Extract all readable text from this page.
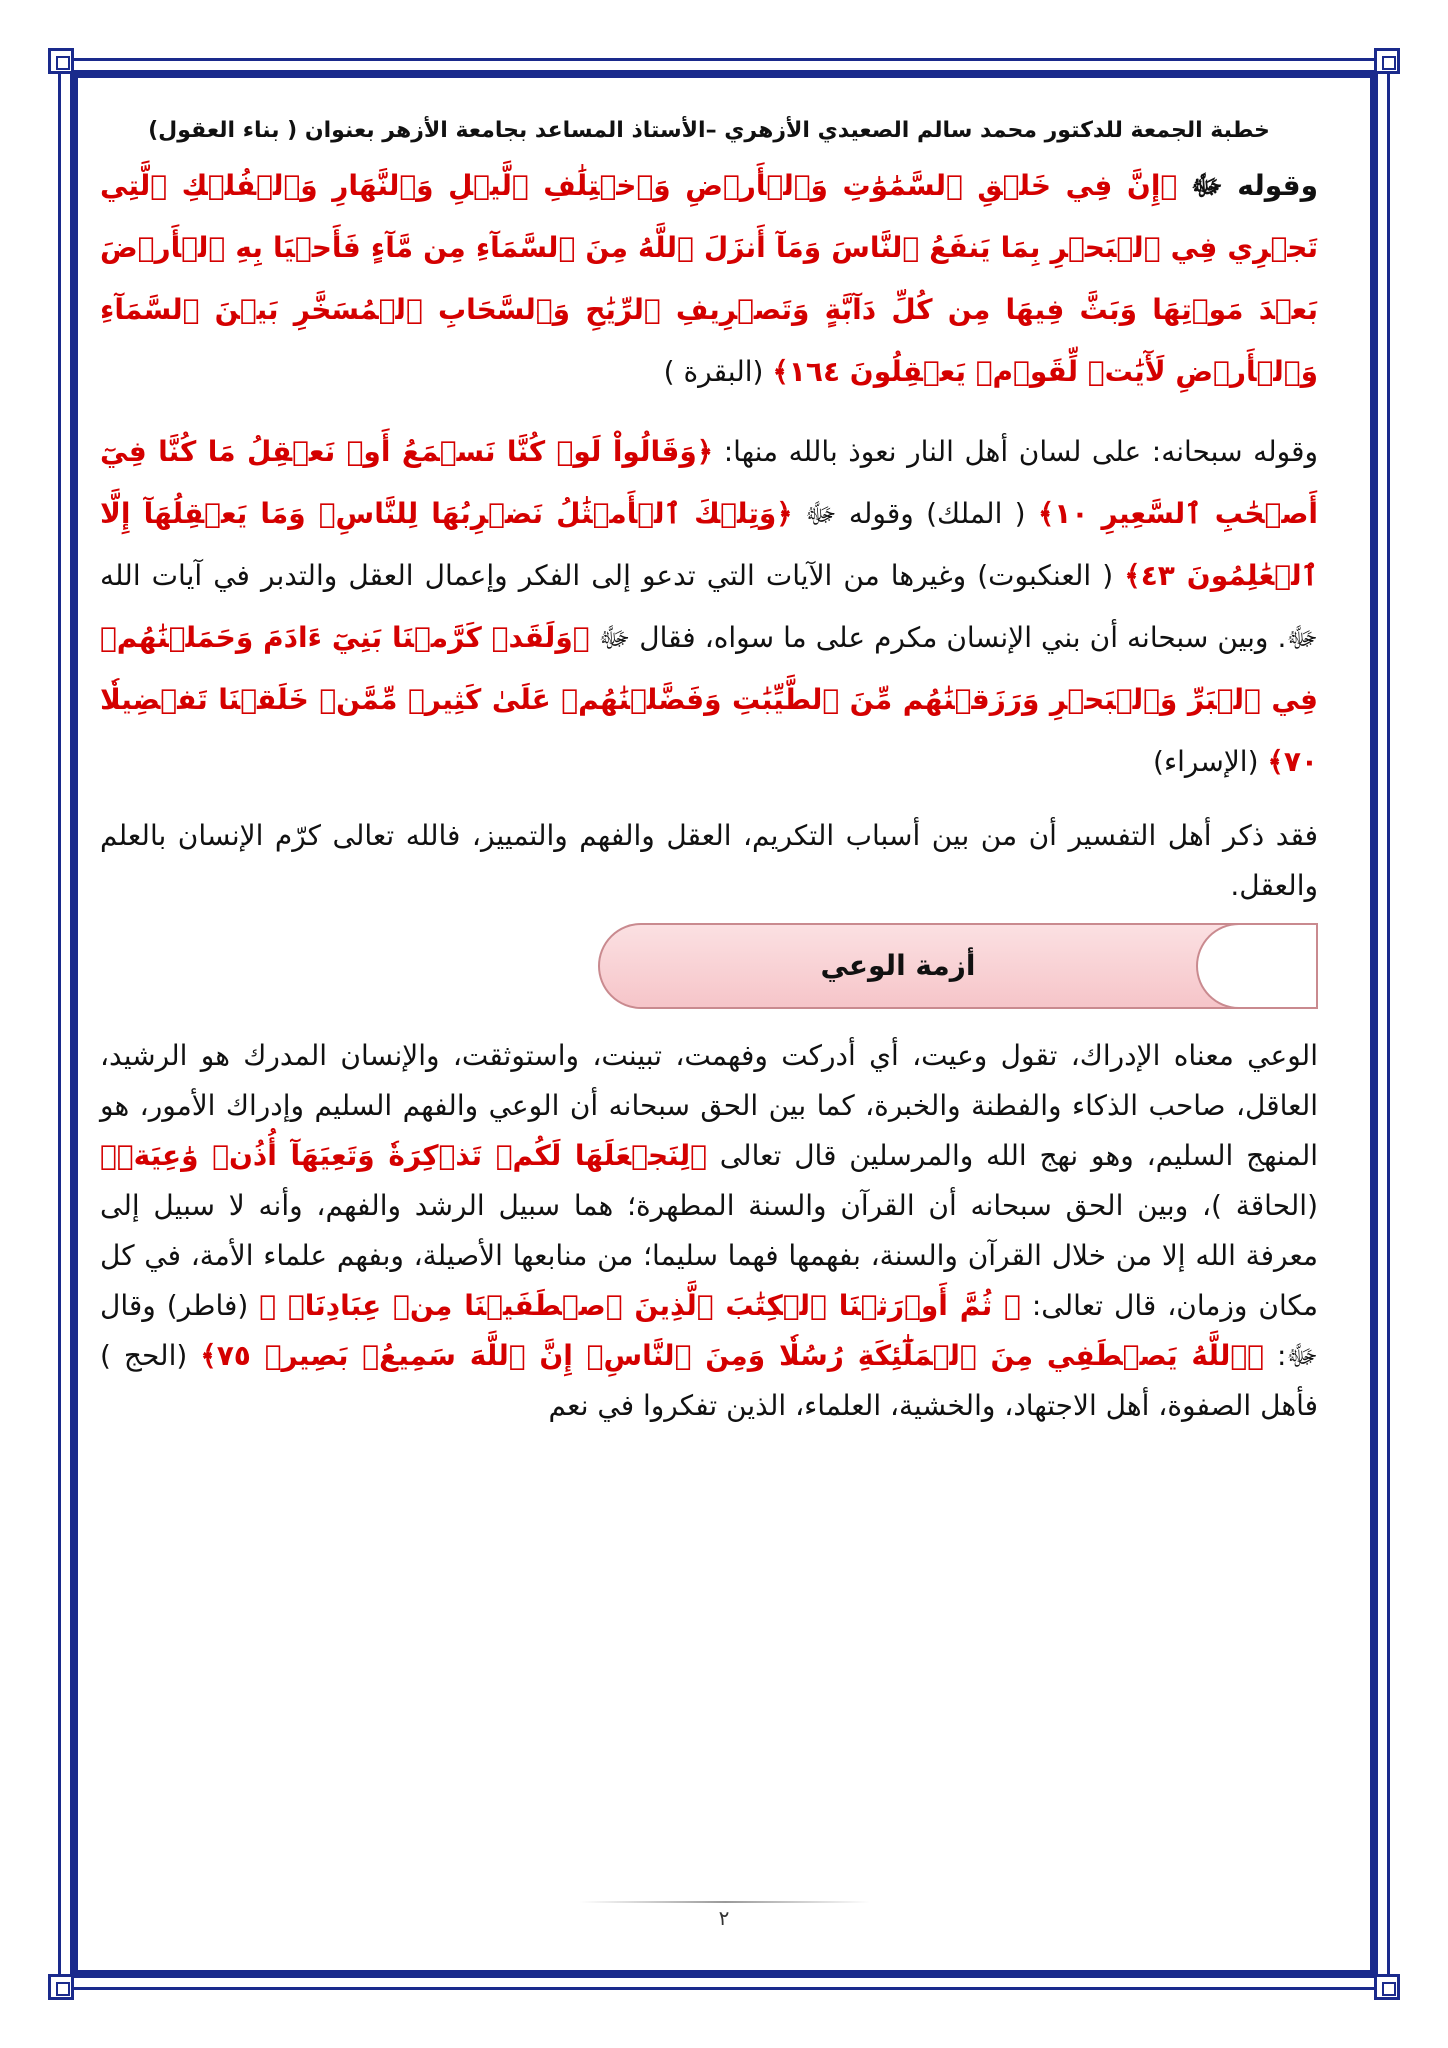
خطبة الجمعة للدكتور محمد سالم الصعيدي الأزهري –الأستاذ المساعد بجامعة الأزهر بعنوان ( بناء العقول)

وقوله ﷻ ﴿إِنَّ فِي خَلۡقِ ٱلسَّمَٰوَٰتِ وَٱلۡأَرۡضِ وَٱخۡتِلَٰفِ ٱلَّيۡلِ وَٱلنَّهَارِ وَٱلۡفُلۡكِ ٱلَّتِي تَجۡرِي فِي ٱلۡبَحۡرِ بِمَا يَنفَعُ ٱلنَّاسَ وَمَآ أَنزَلَ ٱللَّهُ مِنَ ٱلسَّمَآءِ مِن مَّآءٍ فَأَحۡيَا بِهِ ٱلۡأَرۡضَ بَعۡدَ مَوۡتِهَا وَبَثَّ فِيهَا مِن كُلِّ دَآبَّةٍ وَتَصۡرِيفِ ٱلرِّيَٰحِ وَٱلسَّحَابِ ٱلۡمُسَخَّرِ بَيۡنَ ٱلسَّمَآءِ وَٱلۡأَرۡضِ لَأٓيَٰتٖ لِّقَوۡمٖ يَعۡقِلُونَ ١٦٤﴾ (البقرة )

وقوله سبحانه: على لسان أهل النار نعوذ بالله منها: ﴿وَقَالُواْ لَوۡ كُنَّا نَسۡمَعُ أَوۡ نَعۡقِلُ مَا كُنَّا فِيٓ أَصۡحَٰبِ ٱلسَّعِيرِ ١٠﴾ ( الملك) وقوله ﷻ ﴿وَتِلۡكَ ٱلۡأَمۡثَٰلُ نَضۡرِبُهَا لِلنَّاسِۖ وَمَا يَعۡقِلُهَآ إِلَّا ٱلۡعَٰلِمُونَ ٤٣﴾ ( العنكبوت) وغيرها من الآيات التي تدعو إلى الفكر وإعمال العقل والتدبر في آيات الله ﷻ. وبين سبحانه أن بني الإنسان مكرم على ما سواه، فقال ﷻ ﴿وَلَقَدۡ كَرَّمۡنَا بَنِيٓ ءَادَمَ وَحَمَلۡنَٰهُمۡ فِي ٱلۡبَرِّ وَٱلۡبَحۡرِ وَرَزَقۡنَٰهُم مِّنَ ٱلطَّيِّبَٰتِ وَفَضَّلۡنَٰهُمۡ عَلَىٰ كَثِيرٖ مِّمَّنۡ خَلَقۡنَا تَفۡضِيلٗا ٧٠﴾ (الإسراء)

فقد ذكر أهل التفسير أن من بين أسباب التكريم، العقل والفهم والتمييز، فالله تعالى كرّم الإنسان بالعلم والعقل.

أزمة الوعي

الوعي معناه الإدراك، تقول وعيت، أي أدركت وفهمت، تبينت، واستوثقت، والإنسان المدرك هو الرشيد، العاقل، صاحب الذكاء والفطنة والخبرة، كما بين الحق سبحانه أن الوعي والفهم السليم وإدراك الأمور، هو المنهج السليم، وهو نهج الله والمرسلين قال تعالى ﴿لِنَجۡعَلَهَا لَكُمۡ تَذۡكِرَةٗ وَتَعِيَهَآ أُذُنٞ وَٰعِيَةٞ﴾ (الحاقة )، وبين الحق سبحانه أن القرآن والسنة المطهرة؛ هما سبيل الرشد والفهم، وأنه لا سبيل إلى معرفة الله إلا من خلال القرآن والسنة، بفهمها فهما سليما؛ من منابعها الأصيلة، وبفهم علماء الأمة، في كل مكان وزمان، قال تعالى: ﴿ ثُمَّ أَوۡرَثۡنَا ٱلۡكِتَٰبَ ٱلَّذِينَ ٱصۡطَفَيۡنَا مِنۡ عِبَادِنَاۖ ﴾ (فاطر) وقال ﷻ: ﴿ٱللَّهُ يَصۡطَفِي مِنَ ٱلۡمَلَٰٓئِكَةِ رُسُلٗا وَمِنَ ٱلنَّاسِۚ إِنَّ ٱللَّهَ سَمِيعُۢ بَصِيرٞ ٧٥﴾ (الحج ) فأهل الصفوة، أهل الاجتهاد، والخشية، العلماء، الذين تفكروا في نعم

٢
